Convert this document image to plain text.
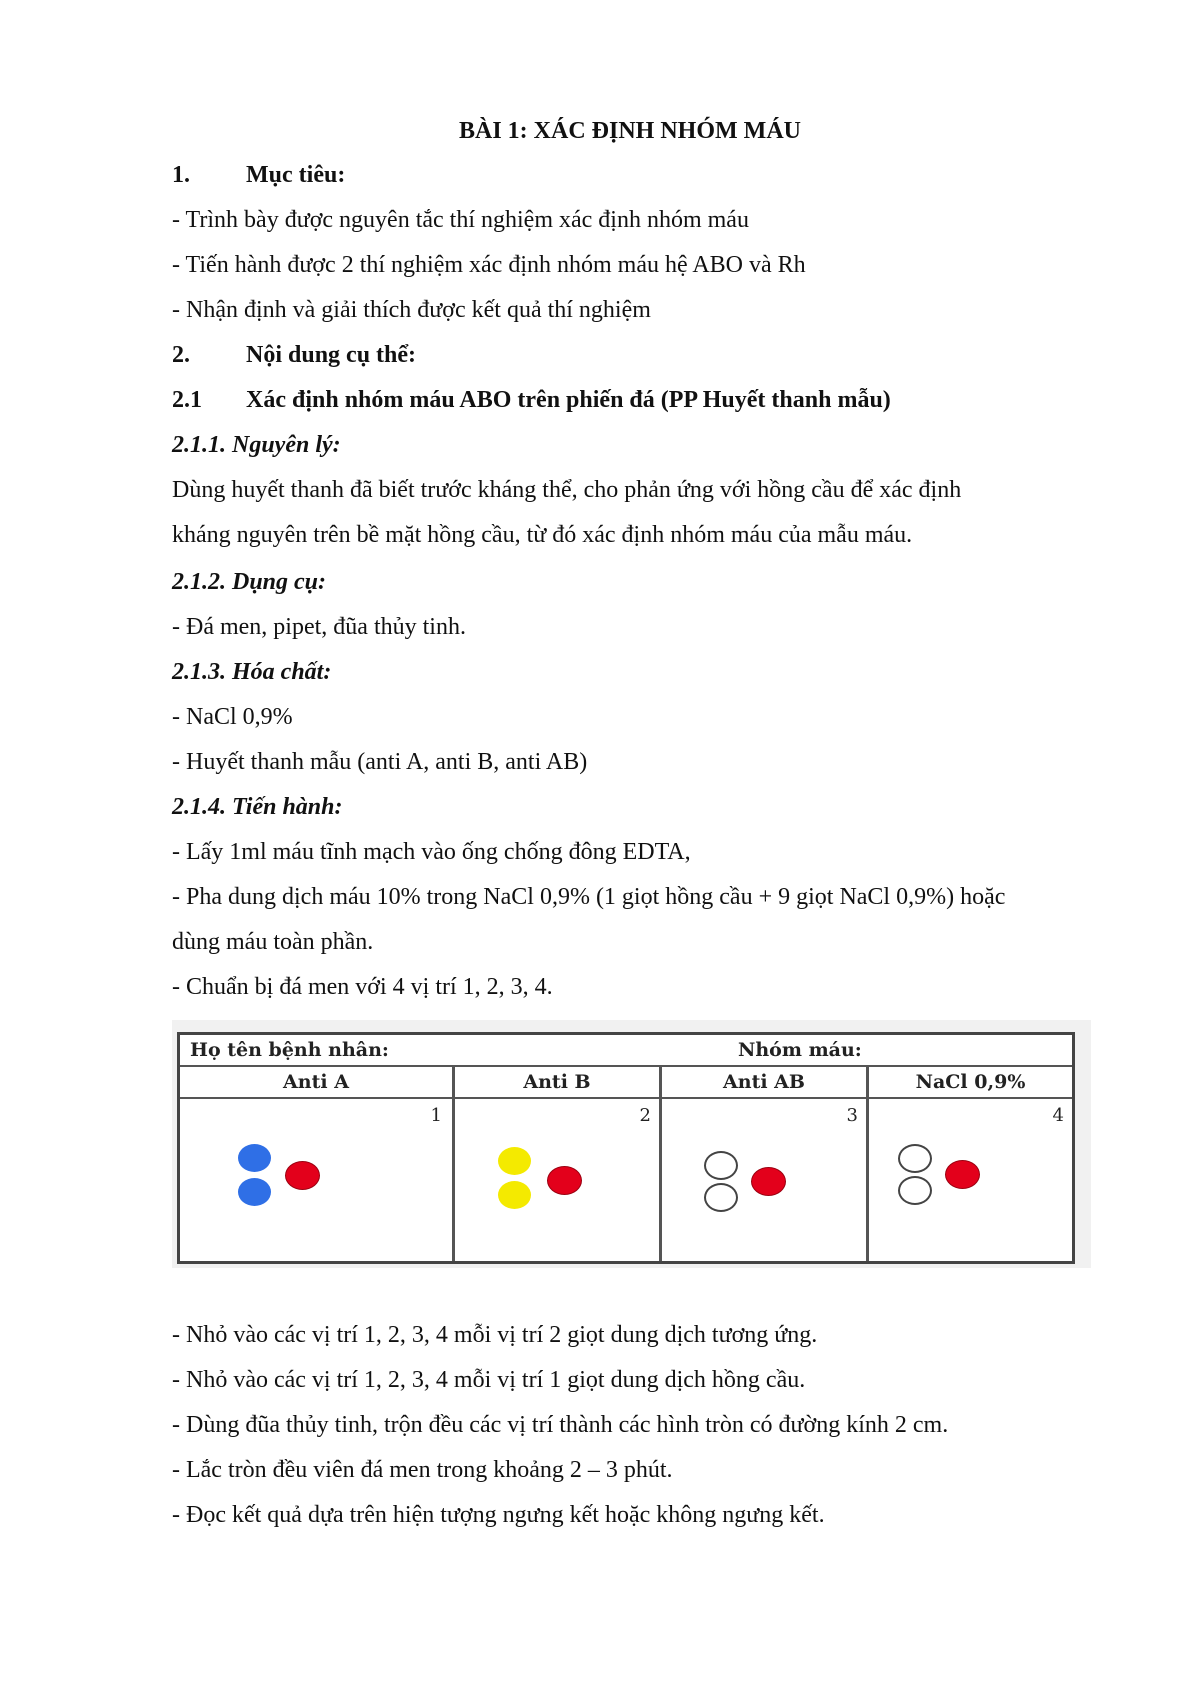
BÀI 1: XÁC ĐỊNH NHÓM MÁU
1. Mục tiêu:
- Trình bày được nguyên tắc thí nghiệm xác định nhóm máu
- Tiến hành được 2 thí nghiệm xác định nhóm máu hệ ABO và Rh
- Nhận định và giải thích được kết quả thí nghiệm
2. Nội dung cụ thể:
2.1 Xác định nhóm máu ABO trên phiến đá (PP Huyết thanh mẫu)
2.1.1. Nguyên lý:
Dùng huyết thanh đã biết trước kháng thể, cho phản ứng với hồng cầu để xác định
kháng nguyên trên bề mặt hồng cầu, từ đó xác định nhóm máu của mẫu máu.
2.1.2. Dụng cụ:
- Đá men, pipet, đũa thủy tinh.
2.1.3. Hóa chất:
- NaCl 0,9%
- Huyết thanh mẫu (anti A, anti B, anti AB)
2.1.4. Tiến hành:
- Lấy 1ml máu tĩnh mạch vào ống chống đông EDTA,
- Pha dung dịch máu 10% trong NaCl 0,9% (1 giọt hồng cầu + 9 giọt NaCl 0,9%) hoặc
dùng máu toàn phần.
- Chuẩn bị đá men với 4 vị trí 1, 2, 3, 4.
Họ tên bệnh nhân:	Nhóm máu:
Anti A	Anti B	Anti AB	NaCl 0,9%
1	2	3	4
- Nhỏ vào các vị trí 1, 2, 3, 4 mỗi vị trí 2 giọt dung dịch tương ứng.
- Nhỏ vào các vị trí 1, 2, 3, 4 mỗi vị trí 1 giọt dung dịch hồng cầu.
- Dùng đũa thủy tinh, trộn đều các vị trí thành các hình tròn có đường kính 2 cm.
- Lắc tròn đều viên đá men trong khoảng 2 – 3 phút.
- Đọc kết quả dựa trên hiện tượng ngưng kết hoặc không ngưng kết.
